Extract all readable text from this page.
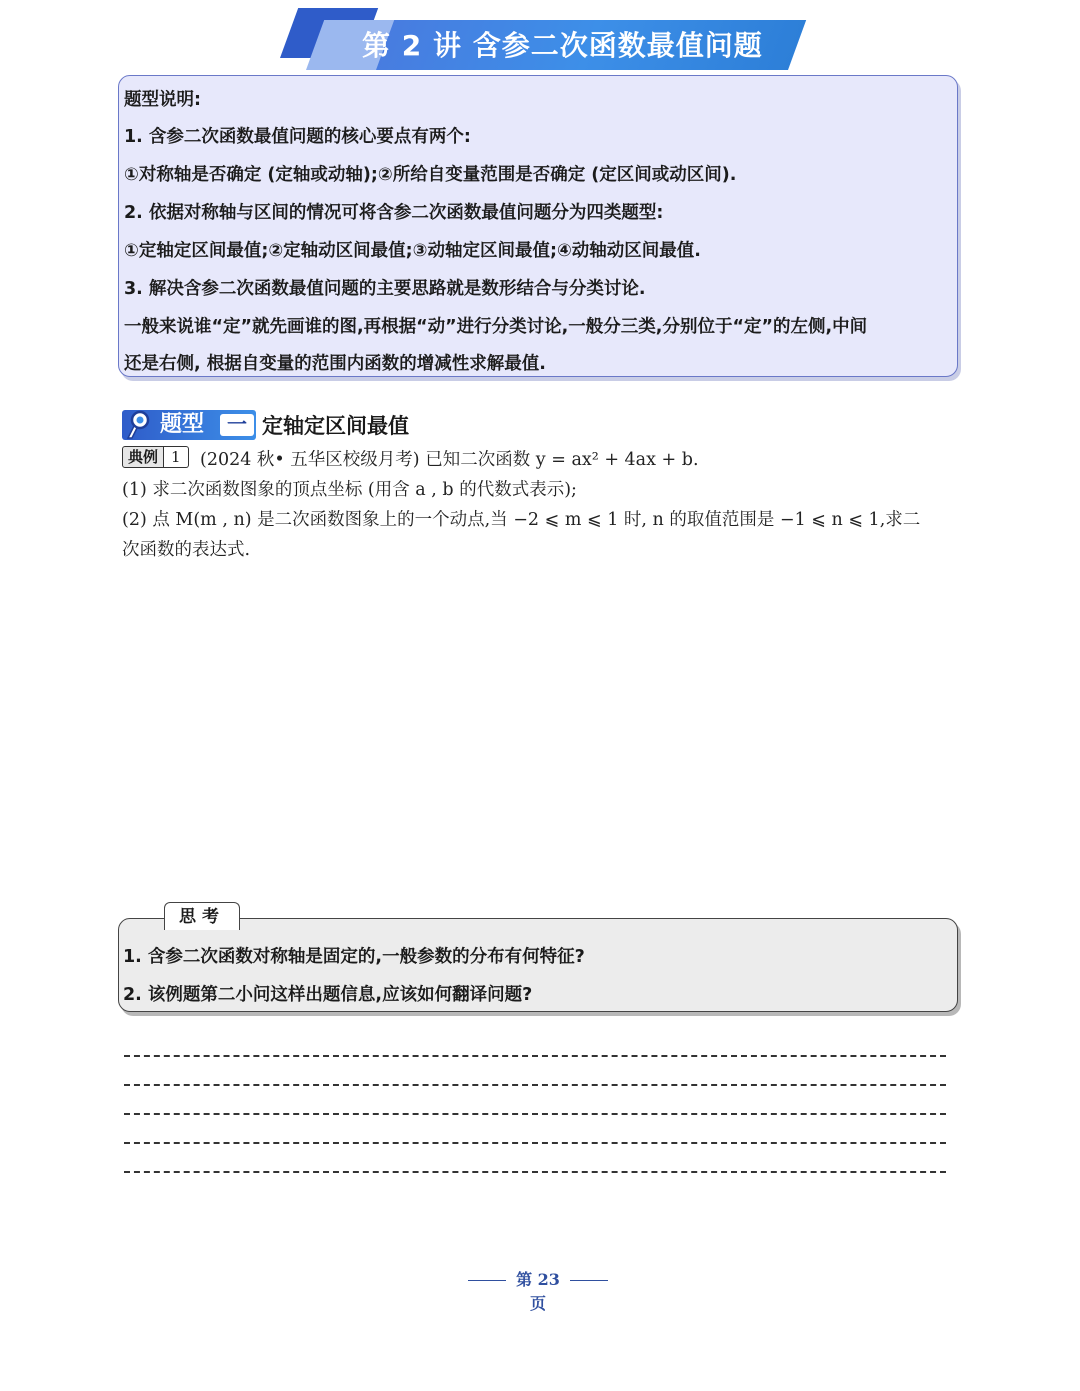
第 2 讲 含参二次函数最值问题
题型说明:
1. 含参二次函数最值问题的核心要点有两个:
①对称轴是否确定 (定轴或动轴);②所给自变量范围是否确定 (定区间或动区间).
2. 依据对称轴与区间的情况可将含参二次函数最值问题分为四类题型:
①定轴定区间最值;②定轴动区间最值;③动轴定区间最值;④动轴动区间最值.
3. 解决含参二次函数最值问题的主要思路就是数形结合与分类讨论.
一般来说谁“定”就先画谁的图,再根据“动”进行分类讨论,一般分三类,分别位于“定”的左侧,中间
还是右侧, 根据自变量的范围内函数的增减性求解最值.
题型	一 定轴定区间最值
典例 1	(2024 秋• 五华区校级月考) 已知二次函数 y = ax² + 4ax + b.
(1) 求二次函数图象的顶点坐标 (用含 a , b 的代数式表示);
(2) 点 M(m , n) 是二次函数图象上的一个动点,当 −2 ⩽ m ⩽ 1 时, n 的取值范围是 −1 ⩽ n ⩽ 1,求二
次函数的表达式.
思考
1. 含参二次函数对称轴是固定的,一般参数的分布有何特征?
2. 该例题第二小问这样出题信息,应该如何翻译问题?
第 23 页
